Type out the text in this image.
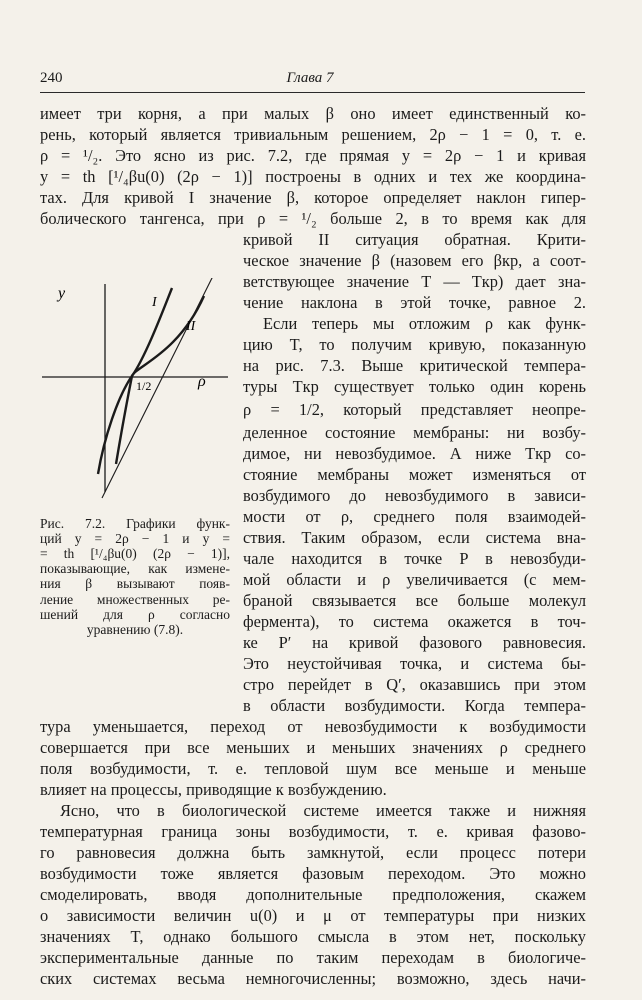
240	Глава 7
имеет три корня, а при малых β оно имеет единственный ко-
рень, который является тривиальным решением, 2ρ − 1 = 0, т. е.
ρ = ¹/₂. Это ясно из рис. 7.2, где прямая y = 2ρ − 1 и кривая
y = th [¹/₄βu(0) (2ρ − 1)] построены в одних и тех же координа-
тах. Для кривой I значение β, которое определяет наклон гипер-
болического тангенса, при ρ = ¹/₂ больше 2, в то время как для
y
ρ
I
II
1/2
Рис. 7.2. Графики функ-
ций y = 2ρ − 1 и y =
= th [¹/₄βu(0) (2ρ − 1)],
показывающие, как измене-
ния β вызывают появ-
ление множественных ре-
шений для ρ согласно
уравнению (7.8).
кривой II ситуация обратная. Крити-
ческое значение β (назовем его βкр, а соот-
ветствующее значение T — Tкр) дает зна-
чение наклона в этой точке, равное 2.
Если теперь мы отложим ρ как функ-
цию T, то получим кривую, показанную
на рис. 7.3. Выше критической темпера-
туры Tкр существует только один корень
ρ = 1/2, который представляет неопре-
деленное состояние мембраны: ни возбу-
димое, ни невозбудимое. А ниже Tкр со-
стояние мембраны может изменяться от
возбудимого до невозбудимого в зависи-
мости от ρ, среднего поля взаимодей-
ствия. Таким образом, если система вна-
чале находится в точке P в невозбуди-
мой области и ρ увеличивается (с мем-
браной связывается все больше молекул
фермента), то система окажется в точ-
ке P′ на кривой фазового равновесия.
Это неустойчивая точка, и система бы-
стро перейдет в Q′, оказавшись при этом
в области возбудимости. Когда темпера-
тура уменьшается, переход от невозбудимости к возбудимости
совершается при все меньших и меньших значениях ρ среднего
поля возбудимости, т. е. тепловой шум все меньше и меньше
влияет на процессы, приводящие к возбуждению.
Ясно, что в биологической системе имеется также и нижняя
температурная граница зоны возбудимости, т. е. кривая фазово-
го равновесия должна быть замкнутой, если процесс потери
возбудимости тоже является фазовым переходом. Это можно
смоделировать, вводя дополнительные предположения, скажем
о зависимости величин u(0) и μ от температуры при низких
значениях T, однако большого смысла в этом нет, поскольку
экспериментальные данные по таким переходам в биологиче-
ских системах весьма немногочисленны; возможно, здесь начи-
